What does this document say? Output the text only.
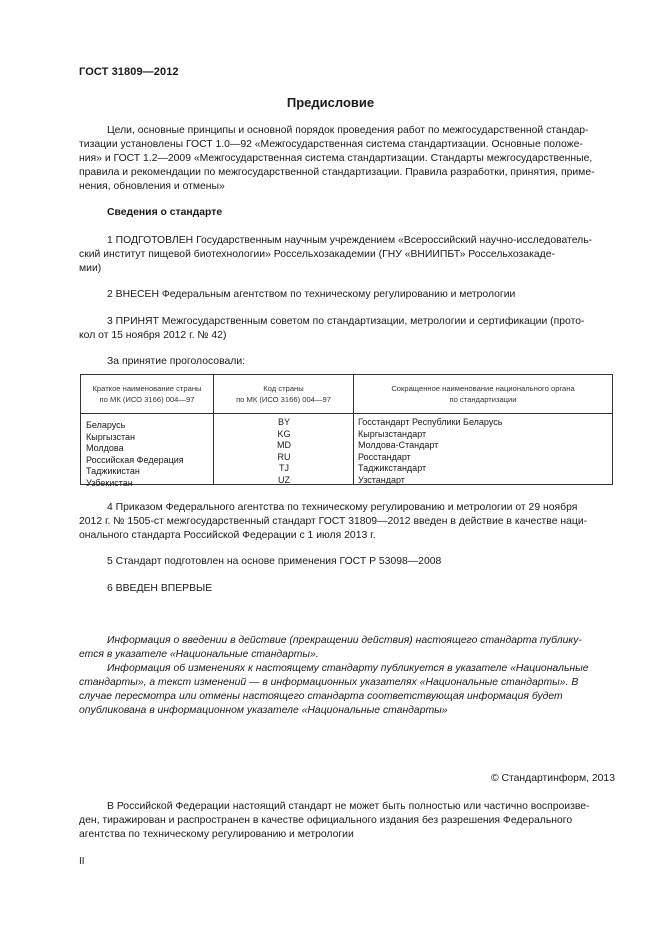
ГОСТ 31809—2012
Предисловие
Цели, основные принципы и основной порядок проведения работ по межгосударственной стандар-
тизации установлены ГОСТ 1.0—92 «Межгосударственная система стандартизации. Основные положе-
ния» и ГОСТ 1.2—2009 «Межгосударственная система стандартизации. Стандарты межгосударственные,
правила и рекомендации по межгосударственной стандартизации. Правила разработки, принятия, приме-
нения, обновления и отмены»
Сведения о стандарте
1 ПОДГОТОВЛЕН Государственным научным учреждением «Всероссийский научно-исследователь-
ский институт пищевой биотехнологии» Россельхозакадемии (ГНУ «ВНИИПБТ» Россельхозакаде-
мии)
2 ВНЕСЕН Федеральным агентством по техническому регулированию и метрологии
3 ПРИНЯТ Межгосударственным советом по стандартизации, метрологии и сертификации (прото-
кол от 15 ноября 2012 г. № 42)
За принятие проголосовали:
Краткое наименование страны
по МК (ИСО 3166) 004—97
Код страны
по МК (ИСО 3166) 004—97
Сокращенное наименование национального органа
по стандартизации
Беларусь
Кыргызстан
Молдова
Российская Федерация
Таджикистан
Узбекистан
BY
KG
MD
RU
TJ
UZ
Госстандарт Республики Беларусь
Кыргызстандарт
Молдова-Стандарт
Росстандарт
Таджикстандарт
Узстандарт
4 Приказом Федерального агентства по техническому регулированию и метрологии от 29 ноября
2012 г. № 1505-ст межгосударственный стандарт ГОСТ 31809—2012 введен в действие в качестве наци-
онального стандарта Российской Федерации с 1 июля 2013 г.
5 Стандарт подготовлен на основе применения ГОСТ Р 53098—2008
6 ВВЕДЕН ВПЕРВЫЕ
Информация о введении в действие (прекращении действия) настоящего стандарта публику-
ется в указателе «Национальные стандарты».
Информация об изменениях к настоящему стандарту публикуется в указателе «Национальные
стандарты», а текст изменений — в информационных указателях «Национальные стандарты». В
случае пересмотра или отмены настоящего стандарта соответствующая информация будет
опубликована в информационном указателе «Национальные стандарты»
© Стандартинформ, 2013
В Российской Федерации настоящий стандарт не может быть полностью или частично воспроизве-
ден, тиражирован и распространен в качестве официального издания без разрешения Федерального
агентства по техническому регулированию и метрологии
II
